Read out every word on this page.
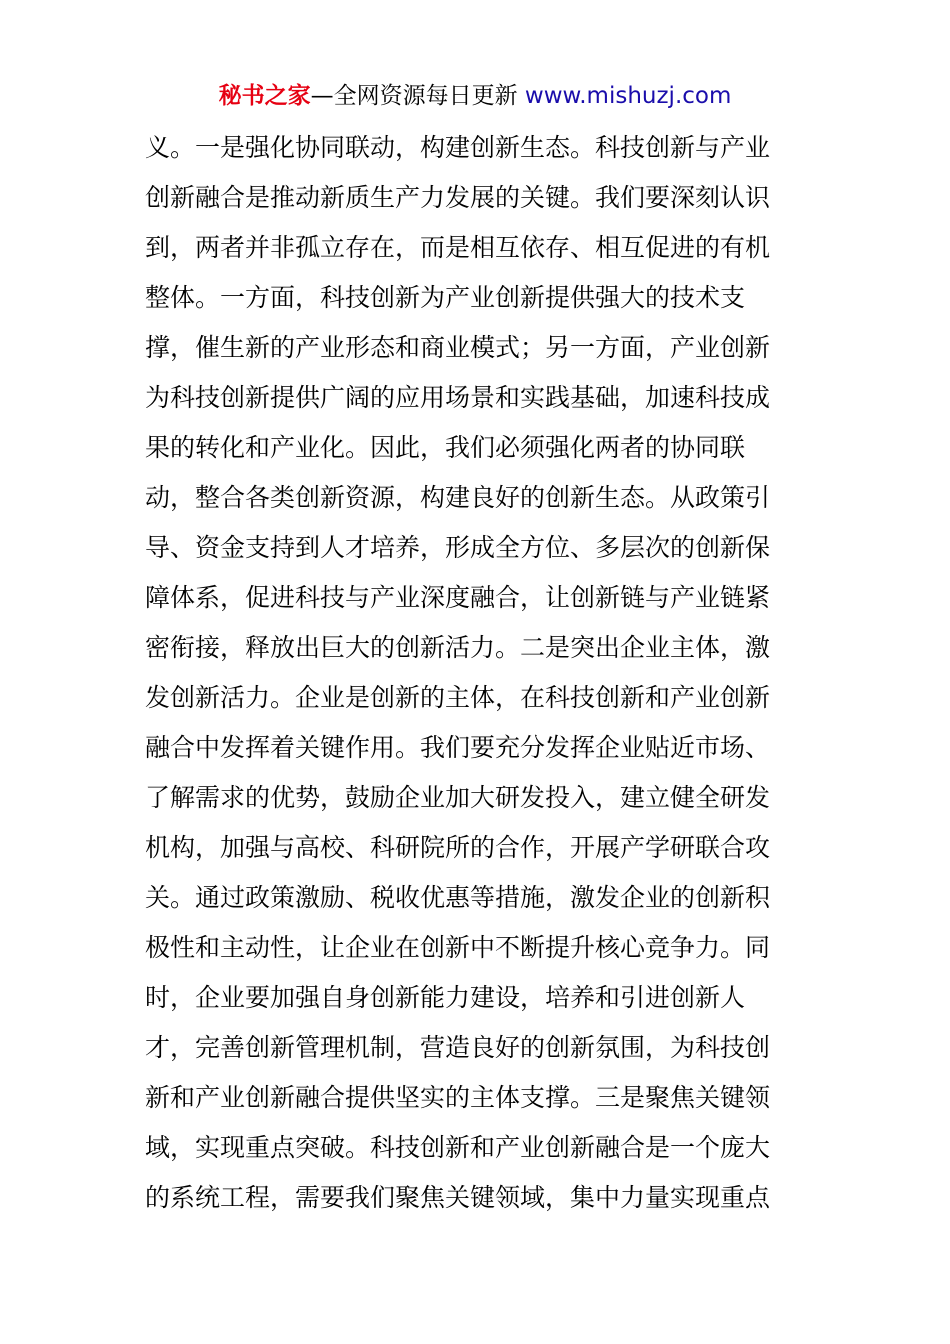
秘书之家—全网资源每日更新 www.mishuzj.com
义。一是强化协同联动，构建创新生态。科技创新与产业
创新融合是推动新质生产力发展的关键。我们要深刻认识
到，两者并非孤立存在，而是相互依存、相互促进的有机
整体。一方面，科技创新为产业创新提供强大的技术支
撑，催生新的产业形态和商业模式；另一方面，产业创新
为科技创新提供广阔的应用场景和实践基础，加速科技成
果的转化和产业化。因此，我们必须强化两者的协同联
动，整合各类创新资源，构建良好的创新生态。从政策引
导、资金支持到人才培养，形成全方位、多层次的创新保
障体系，促进科技与产业深度融合，让创新链与产业链紧
密衔接，释放出巨大的创新活力。二是突出企业主体，激
发创新活力。企业是创新的主体，在科技创新和产业创新
融合中发挥着关键作用。我们要充分发挥企业贴近市场、
了解需求的优势，鼓励企业加大研发投入，建立健全研发
机构，加强与高校、科研院所的合作，开展产学研联合攻
关。通过政策激励、税收优惠等措施，激发企业的创新积
极性和主动性，让企业在创新中不断提升核心竞争力。同
时，企业要加强自身创新能力建设，培养和引进创新人
才，完善创新管理机制，营造良好的创新氛围，为科技创
新和产业创新融合提供坚实的主体支撑。三是聚焦关键领
域，实现重点突破。科技创新和产业创新融合是一个庞大
的系统工程，需要我们聚焦关键领域，集中力量实现重点
